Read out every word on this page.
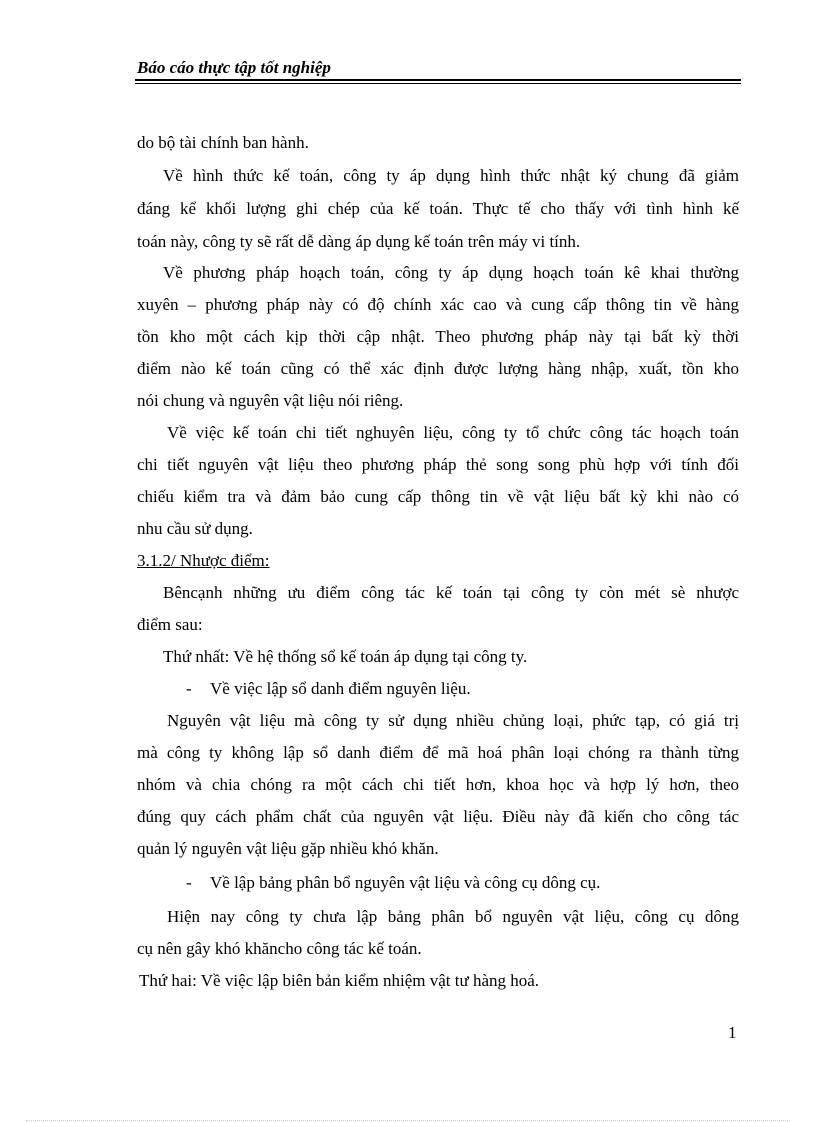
Báo cáo thực tập tốt nghiệp
do bộ tài chính ban hành.
Về hình thức kế toán, công ty áp dụng hình thức nhật ký chung đã giảm
đáng kể khối lượng ghi chép của kế toán. Thực tế cho thấy với tình hình kế
toán này, công ty sẽ rất dễ dàng áp dụng kế toán trên máy vi tính.
Về phương pháp hoạch toán, công ty áp dụng hoạch toán kê khai thường
xuyên – phương pháp này có độ chính xác cao và cung cấp thông tin về hàng
tồn kho một cách kịp thời cập nhật. Theo phương pháp này tại bất kỳ thời
điểm nào kế toán cũng có thể xác định được lượng hàng nhập, xuất, tồn kho
nói chung và nguyên vật liệu nói riêng.
Về việc kế toán chi tiết nghuyên liệu, công ty tổ chức công tác hoạch toán
chi tiết nguyên vật liệu theo phương pháp thẻ song song phù hợp với tính đối
chiếu kiểm tra và đảm bảo cung cấp thông tin về vật liệu bất kỳ khi nào có
nhu cầu sử dụng.
3.1.2/ Nhược điểm:
Bêncạnh những ưu điểm công tác kế toán tại công ty còn mét sè nhược
điểm sau:
Thứ nhất: Về hệ thống sổ kế toán áp dụng tại công ty.
-	Về việc lập sổ danh điểm nguyên liệu.
Nguyên vật liệu mà công ty sử dụng nhiều chủng loại, phức tạp, có giá trị
mà công ty không lập sổ danh điểm để mã hoá phân loại chóng ra thành từng
nhóm và chia chóng ra một cách chi tiết hơn, khoa học và hợp lý hơn, theo
đúng quy cách phẩm chất của nguyên vật liệu. Điều này đã kiến cho công tác
quản lý nguyên vật liệu gặp nhiều khó khăn.
-	Về lập bảng phân bổ nguyên vật liệu và công cụ dông cụ.
Hiện nay công ty chưa lập bảng phân bổ nguyên vật liệu, công cụ dông
cụ nên gây khó khăncho công tác kế toán.
Thứ hai: Về việc lập biên bản kiểm nhiệm vật tư hàng hoá.
1
